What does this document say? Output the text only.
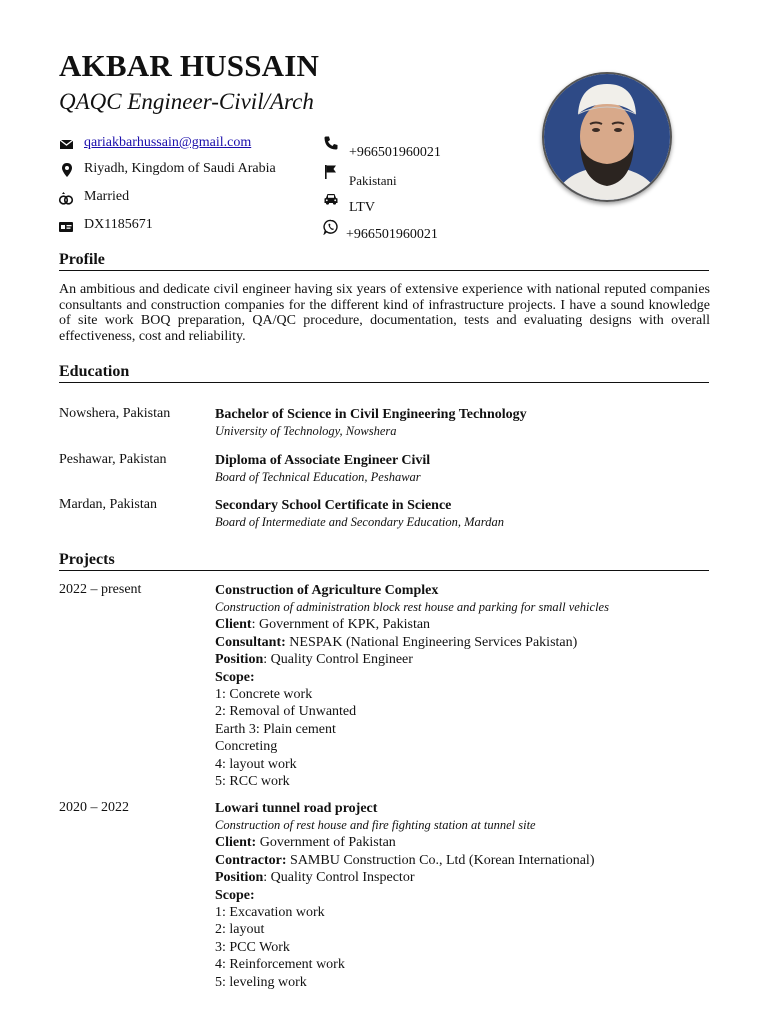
AKBAR HUSSAIN
QAQC Engineer-Civil/Arch
qariakbarhussain@gmail.com
Riyadh, Kingdom of Saudi Arabia
Married
DX1185671
+966501960021
Pakistani
LTV
+966501960021
Profile
An ambitious and dedicate civil engineer having six years of extensive experience with national reputed companies consultants and construction companies for the different kind of infrastructure projects. I have a sound knowledge of site work BOQ preparation, QA/QC procedure, documentation, tests and evaluating designs with overall effectiveness, cost and reliability.
Education
Nowshera, Pakistan	Bachelor of Science in Civil Engineering Technology
University of Technology, Nowshera
Peshawar, Pakistan	Diploma of Associate Engineer Civil
Board of Technical Education, Peshawar
Mardan, Pakistan	Secondary School Certificate in Science
Board of Intermediate and Secondary Education, Mardan
Projects
2022 – present	Construction of Agriculture Complex
Construction of administration block rest house and parking for small vehicles
Client: Government of KPK, Pakistan
Consultant: NESPAK (National Engineering Services Pakistan)
Position: Quality Control Engineer
Scope:
1: Concrete work
2: Removal of Unwanted
Earth 3: Plain cement
Concreting
4: layout work
5: RCC work
2020 – 2022	Lowari tunnel road project
Construction of rest house and fire fighting station at tunnel site
Client: Government of Pakistan
Contractor: SAMBU Construction Co., Ltd (Korean International)
Position: Quality Control Inspector
Scope:
1: Excavation work
2: layout
3: PCC Work
4: Reinforcement work
5: leveling work
